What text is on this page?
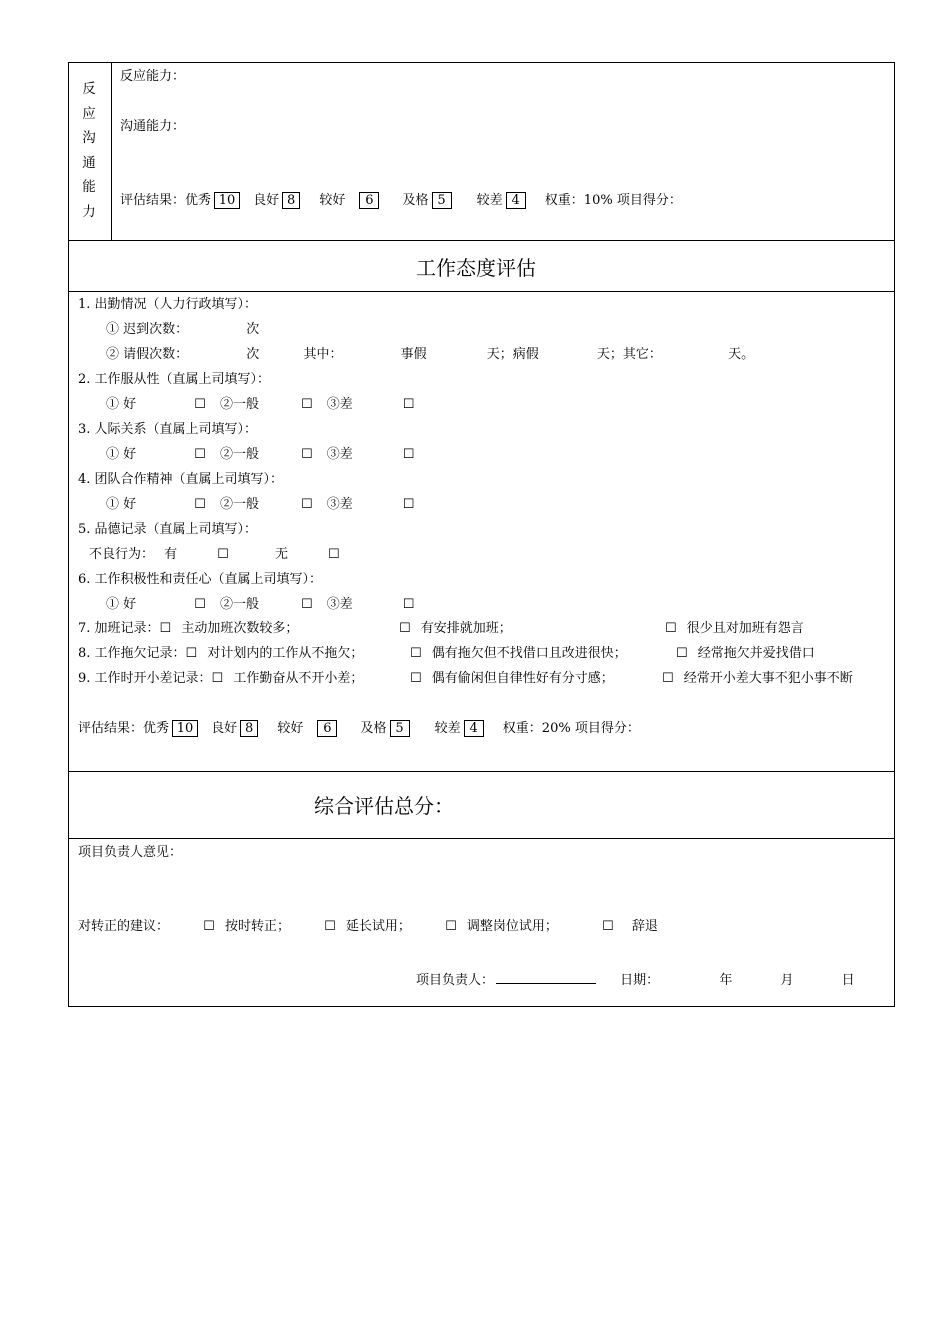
反
应
沟
通
能
力
反应能力：
沟通能力：
评估结果：优秀 10 良好 8 较好 6 及格 5 较差 4 权重：10% 项目得分：
工作态度评估
1. 出勤情况（人力行政填写）：
① 迟到次数：	次
② 请假次数：	次	其中：	事假	天；病假	天；其它：	天。
2. 工作服从性（直属上司填写）：
① 好	☐ ②一般	☐ ③差	☐
3. 人际关系（直属上司填写）：
① 好	☐ ②一般	☐ ③差	☐
4. 团队合作精神（直属上司填写）：
① 好	☐ ②一般	☐ ③差	☐
5. 品德记录（直属上司填写）：
不良行为： 有	☐	无	☐
6. 工作积极性和责任心（直属上司填写）：
① 好	☐ ②一般	☐ ③差	☐
7. 加班记录：☐ 主动加班次数较多；	☐ 有安排就加班；	☐ 很少且对加班有怨言
8. 工作拖欠记录：☐ 对计划内的工作从不拖欠；	☐ 偶有拖欠但不找借口且改进很快；	☐ 经常拖欠并爱找借口
9. 工作时开小差记录：☐ 工作勤奋从不开小差；	☐ 偶有偷闲但自律性好有分寸感；	☐ 经常开小差大事不犯小事不断
评估结果：优秀 10 良好 8 较好 6 及格 5 较差 4 权重：20% 项目得分：
综合评估总分：
项目负责人意见：
对转正的建议：	☐ 按时转正；	☐ 延长试用；	☐ 调整岗位试用；	☐ 辞退
项目负责人：	日期：	年	月	日
